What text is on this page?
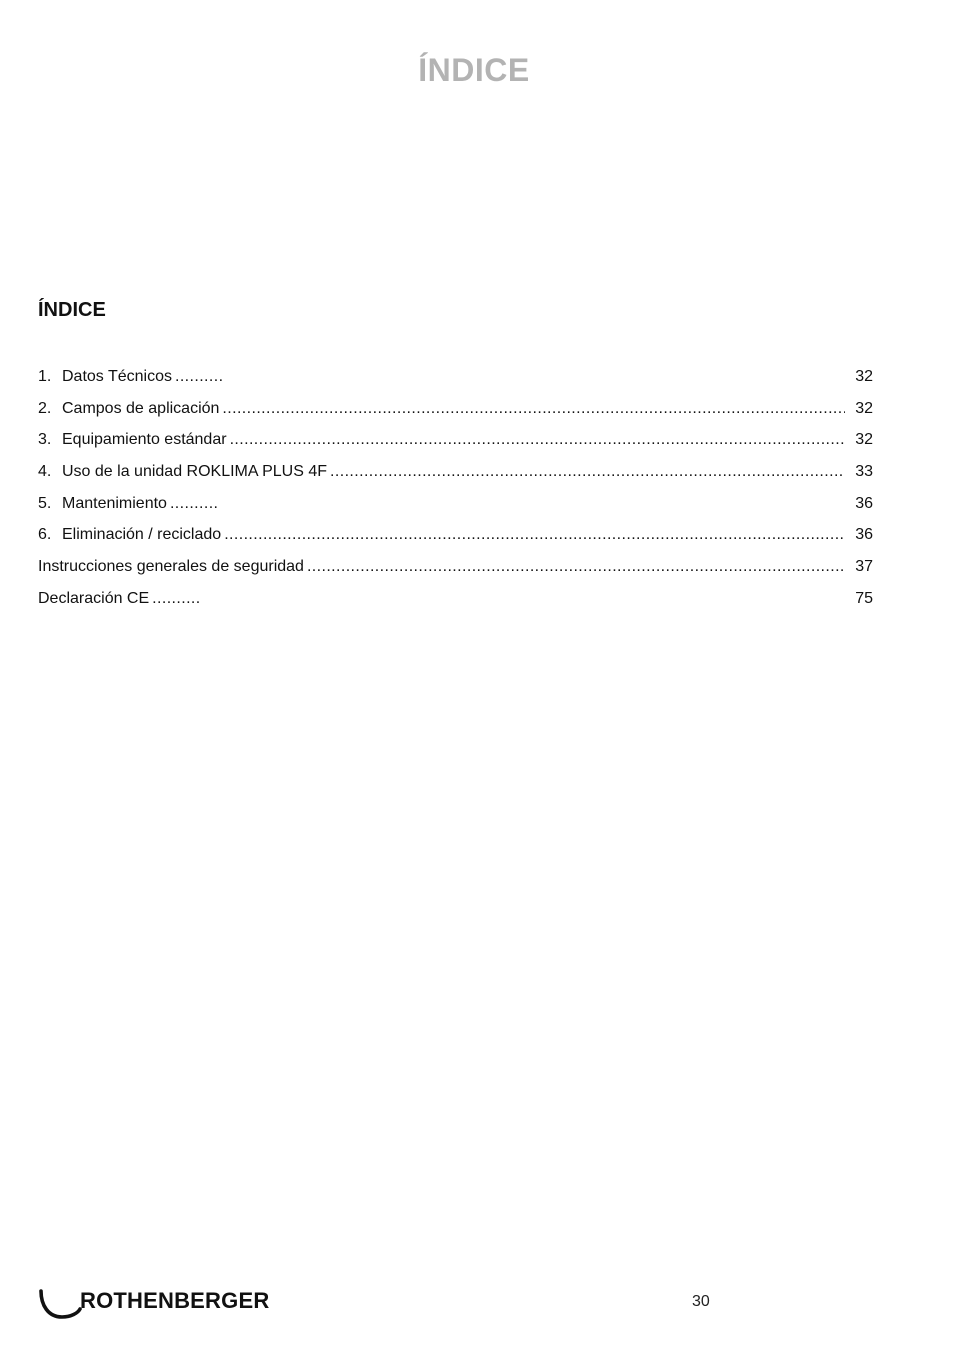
ÍNDICE
ÍNDICE
1. Datos Técnicos .....	32
2. Campos de aplicación .....	32
3. Equipamiento estándar .....	32
4. Uso de la unidad ROKLIMA PLUS 4F .....	33
5. Mantenimiento .....	36
6. Eliminación / reciclado .....	36
Instrucciones generales de seguridad .....	37
Declaración CE .....	75
ROTHENBERGER	30
